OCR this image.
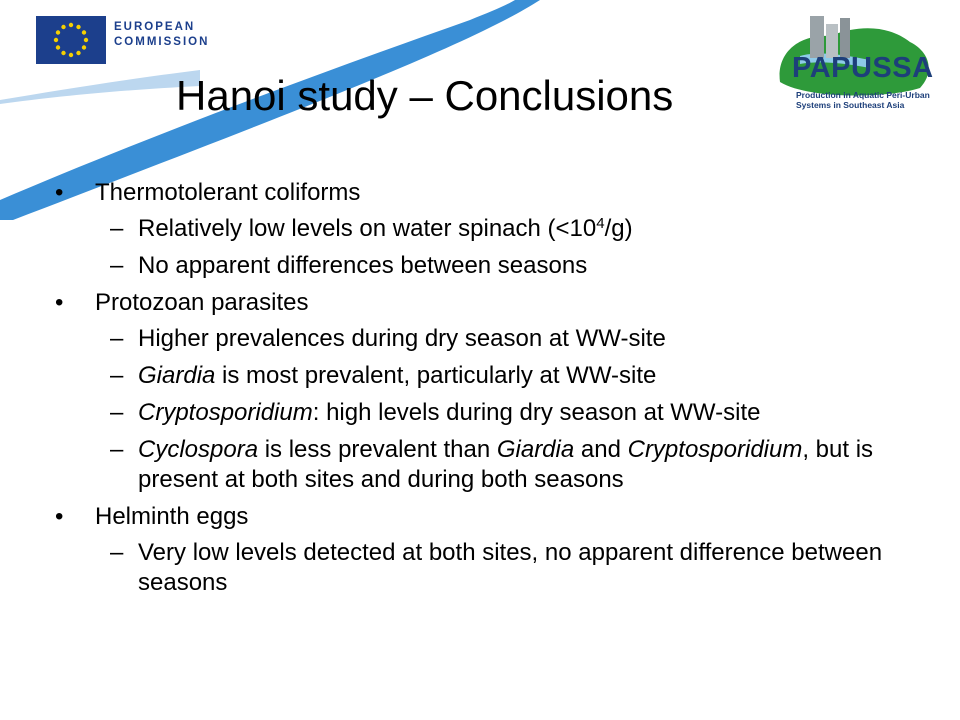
EUROPEAN
COMMISSION
Community research	PAPUSSA
Production in Aquatic Peri-Urban Systems in Southeast Asia
Hanoi study – Conclusions
• Thermotolerant coliforms
– Relatively low levels on water spinach $(<10^4/g)$
– No apparent differences between seasons
• Protozoan parasites
– Higher prevalences during dry season at WW-site
– Giardia is most prevalent, particularly at WW-site
– Cryptosporidium: high levels during dry season at WW-site
– Cyclospora is less prevalent than Giardia and Cryptosporidium, but is present at both sites and during both seasons
• Helminth eggs
– Very low levels detected at both sites, no apparent difference between seasons
